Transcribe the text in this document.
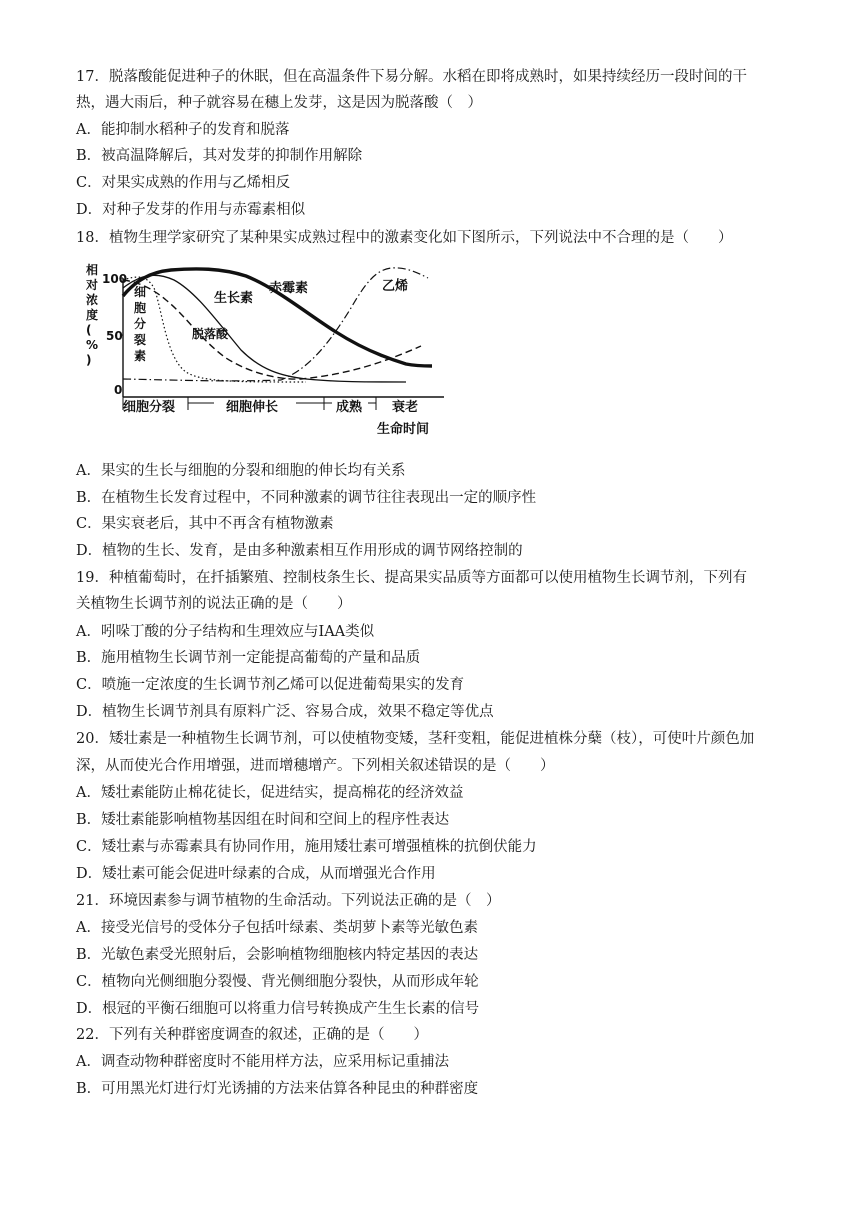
17．脱落酸能促进种子的休眠，但在高温条件下易分解。水稻在即将成熟时，如果持续经历一段时间的干
热，遇大雨后，种子就容易在穗上发芽，这是因为脱落酸（　）
A．能抑制水稻种子的发育和脱落
B．被高温降解后，其对发芽的抑制作用解除
C．对果实成熟的作用与乙烯相反
D．对种子发芽的作用与赤霉素相似
18．植物生理学家研究了某种果实成熟过程中的激素变化如下图所示，下列说法中不合理的是（　　）
相对浓度( % )
100
50
0
细 胞 分 裂 素
生长素
赤霉素
脱落酸
乙烯
细胞分裂	细胞伸长	成熟 衰老
生命时间
A．果实的生长与细胞的分裂和细胞的伸长均有关系
B．在植物生长发育过程中，不同种激素的调节往往表现出一定的顺序性
C．果实衰老后，其中不再含有植物激素
D．植物的生长、发育，是由多种激素相互作用形成的调节网络控制的
19．种植葡萄时，在扦插繁殖、控制枝条生长、提高果实品质等方面都可以使用植物生长调节剂，下列有
关植物生长调节剂的说法正确的是（　　）
A．吲哚丁酸的分子结构和生理效应与IAA类似
B．施用植物生长调节剂一定能提高葡萄的产量和品质
C．喷施一定浓度的生长调节剂乙烯可以促进葡萄果实的发育
D．植物生长调节剂具有原料广泛、容易合成，效果不稳定等优点
20．矮壮素是一种植物生长调节剂，可以使植物变矮，茎秆变粗，能促进植株分蘖（枝），可使叶片颜色加
深，从而使光合作用增强，进而增穗增产。下列相关叙述错误的是（　　）
A．矮壮素能防止棉花徒长，促进结实，提高棉花的经济效益
B．矮壮素能影响植物基因组在时间和空间上的程序性表达
C．矮壮素与赤霉素具有协同作用，施用矮壮素可增强植株的抗倒伏能力
D．矮壮素可能会促进叶绿素的合成，从而增强光合作用
21．环境因素参与调节植物的生命活动。下列说法正确的是（　）
A．接受光信号的受体分子包括叶绿素、类胡萝卜素等光敏色素
B．光敏色素受光照射后，会影响植物细胞核内特定基因的表达
C．植物向光侧细胞分裂慢、背光侧细胞分裂快，从而形成年轮
D．根冠的平衡石细胞可以将重力信号转换成产生生长素的信号
22．下列有关种群密度调查的叙述，正确的是（　　）
A．调查动物种群密度时不能用样方法，应采用标记重捕法
B．可用黑光灯进行灯光诱捕的方法来估算各种昆虫的种群密度
